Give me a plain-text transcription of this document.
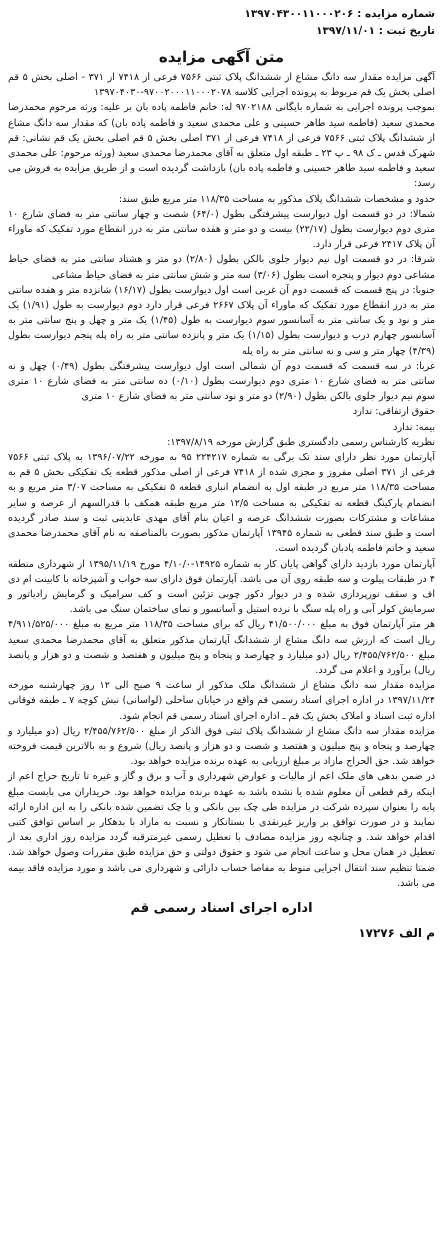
شماره مزایده : ۱۳۹۷۰۴۳۰۰۱۱۰۰۰۲۰۶
تاریخ ثبت : ۱۳۹۷/۱۱/۰۱
متن آگهی مزایده

آگهی مزایده مقدار سه دانگ مشاع از ششدانگ پلاک ثبتی ۷۵۶۶ فرعی از ۷۴۱۸ از ۳۷۱ - اصلی بخش ۵ قم اصلی بخش یک قم مربوط به پرونده اجرایی کلاسه ۹۷۰۰۲۰۰۰۱۱۰۰۰۲۰۷۸-۱۳۹۷۰۴۰۳۰

بموجب پرونده اجرایی به شماره بایگانی ۹۷۰۲۱۸۸ له: خانم فاطمه پاده بان بر علیه: ورثه مرحوم محمدرضا محمدی سعید (فاطمه سید طاهر حسینی و علی محمدی سعید و فاطمه پاده بان) که مقدار سه دانگ مشاع از ششدانگ پلاک ثبتی ۷۵۶۶ فرعی از ۷۴۱۸ فرعی از ۳۷۱ اصلی بخش ۵ قم اصلی بخش یک قم نشانی: قم شهرک قدس ـ ک ۹۸ ـ پ ۲۳ ـ طبقه اول متعلق به آقای محمدرضا محمدی سعید (ورثه مرحوم: علی محمدی سعید و فاطمه سید طاهر حسینی و فاطمه پاده بان) بازداشت گردیده است و از طریق مزایده به فروش می رسد:

حدود و مشخصات ششدانگ پلاک مذکور به مساحت ۱۱۸/۳۵ متر مربع طبق سند:

شمالا: در دو قسمت اول دیوارست پیشرفتگی بطول (۶۴/۰) شصت و چهار سانتی متر به فضای شارع ۱۰ متری دوم دیوارست بطول (۲۲/۱۷) بیست و دو متر و هفده سانتی متر به درز انقطاع مورد تفکیک که ماوراء آن پلاک ۲۴۱۷ فرعی قرار دارد.

شرقا: در دو قسمت اول نیم دیوار جلوی بالکن بطول (۲/۸۰) دو متر و هشتاد سانتی متر به فضای حیاط مشاعی دوم دیوار و پنجره است بطول (۳/۰۶) سه متر و شش سانتی متر به فضای حیاط مشاعی

جنوبا: در پنج قسمت که قسمت دوم آن غربی است اول دیوارست بطول (۱۶/۱۷) شانزده متر و هفده سانتی متر به درز انقطاع مورد تفکیک که ماوراء آن پلاک ۲۶۶۷ فرعی قرار دارد دوم دیوارست به طول (۱/۹۱) یک متر و نود و یک سانتی متر به آسانسور سوم دیوارست به طول (۱/۴۵) یک متر و چهل و پنج سانتی متر به آسانسور چهارم درب و دیوارست بطول (۱/۱۵) یک متر و پانزده سانتی متر به راه پله پنجم دیوارست بطول (۴/۳۹) چهار متر و سی و نه سانتی متر به راه پله

غربا: در سه قسمت که قسمت دوم آن شمالی است اول دیوارست پیشرفتگی بطول (۰/۴۹) چهل و نه سانتی متر به فضای شارع ۱۰ متری دوم دیوارست بطول (۰/۱۰) ده سانتی متر به فضای شارع ۱۰ متری سوم نیم دیوار جلوی بالکن بطول (۲/۹۰) دو متر و نود سانتی متر به فضای شارع ۱۰ متری

حقوق ارتفاقی: ندارد

بیمه: ندارد

نظریه کارشناس رسمی دادگستری طبق گزارش مورخه ۱۳۹۷/۸/۱۹:

آپارتمان مورد نظر دارای سند تک برگی به شماره ۲۲۴۲۱۷ ۹۵ به مورخه ۱۳۹۶/۰۷/۲۲ به پلاک ثبتی ۷۵۶۶ فرعی از ۳۷۱ اصلی مفروز و مجزی شده از ۷۴۱۸ فرعی از اصلی مذکور قطعه یک تفکیکی بخش ۵ قم به مساحت ۱۱۸/۳۵ متر مربع در طبقه اول به انضمام انباری قطعه ۵ تفکیکی به مساحت ۳/۰۷ متر مربع و به انضمام پارکینگ قطعه نه تفکیکی به مساحت ۱۲/۵ متر مربع طبقه همکف با قدرالسهم از عرصه و سایر مشاعات و مشترکات بصورت ششدانگ عرصه و اعیان بنام آقای مهدی عابدینی ثبت و سند صادر گردیده است و طبق سند قطعی به شماره ۱۳۹۴۵ آپارتمان مذکور بصورت بالمناصفه به نام آقای محمدرضا محمدی سعید و خانم فاطمه پادبان گردیده است.

آپارتمان مورد بازدید دارای گواهی پایان کار به شماره ۱۴۹۲۵-۴/۱۰/۰ مورخ ۱۳۹۵/۱۱/۱۹ از شهرداری منطقه ۴ در طبقات پیلوت و سه طبقه روی آن می باشد. آپارتمان فوق دارای سه خواب و آشپزخانه با کابینت ام دی اف و سقف نورپردازی شده و در دیوار دکور چوبی تزئین است و کف سرامیک و گرمایش رادیاتور و سرمایش کولر آبی و راه پله سنگ با نرده استیل و آسانسور و نمای ساختمان سنگ می باشد.

هر متر آپارتمان فوق به مبلغ ۴۱/۵۰۰/۰۰۰ ریال که برای مساحت ۱۱۸/۳۵ متر مربع به مبلغ ۴/۹۱۱/۵۲۵/۰۰۰ ریال است که ارزش سه دانگ مشاع از ششدانگ آپارتمان مذکور متعلق به آقای محمدرضا محمدی سعید مبلغ ۲/۴۵۵/۷۶۲/۵۰۰ ریال (دو میلیارد و چهارصد و پنجاه و پنج میلیون و هفتصد و شصت و دو هزار و پانصد ریال) برآورد و اعلام می گردد.

مزایده مقدار سه دانگ مشاع از ششدانگ ملک مذکور از ساعت ۹ صبح الی ۱۲ روز چهارشنبه مورخه ۱۳۹۷/۱۱/۲۴ در اداره اجرای اسناد رسمی قم واقع در خیابان ساحلی (لواسانی) نبش کوچه ۷ ـ طبقه فوقانی اداره ثبت اسناد و املاک بخش یک قم ـ اداره اجرای اسناد رسمی قم انجام شود.

مزایده مقدار سه دانگ مشاع از ششدانگ پلاک ثبتی فوق الذکر از مبلغ ۲/۴۵۵/۷۶۲/۵۰۰ ریال (دو میلیارد و چهارصد و پنجاه و پنج میلیون و هفتصد و شصت و دو هزار و پانصد ریال) شروع و به بالاترین قیمت فروخته خواهد شد. حق الحراج مازاد بر مبلغ ارزیابی به عهده برنده مزایده خواهد بود.

در ضمن بدهی های ملک اعم از مالیات و عوارض شهرداری و آب و برق و گاز و غیره تا تاریخ حراج اعم از اینکه رقم قطعی آن معلوم شده یا نشده باشد به عهده برنده مزایده خواهد بود. خریداران می بایست مبلغ پایه را بعنوان سپرده شرکت در مزایده طی چک بین بانکی و یا چک تضمین شده بانکی را به این اداره ارائه نمایند و در صورت توافق بر واریز غیرنقدی با بستانکار و نسبت به مازاد با بدهکار بر اساس توافق کتبی اقدام خواهد شد. و چنانچه روز مزایده مصادف با تعطیل رسمی غیرمترقبه گردد مزایده روز اداری بعد از تعطیل در همان محل و ساعت انجام می شود و حقوق دولتی و حق مزایده طبق مقررات وصول خواهد شد. ضمنا تنظیم سند انتقال اجرایی منوط به مفاصا حساب دارائی و شهرداری می باشد و مورد مزایده فاقد بیمه می باشد.

اداره اجرای اسناد رسمی قم
م الف ۱۷۲۷۶
